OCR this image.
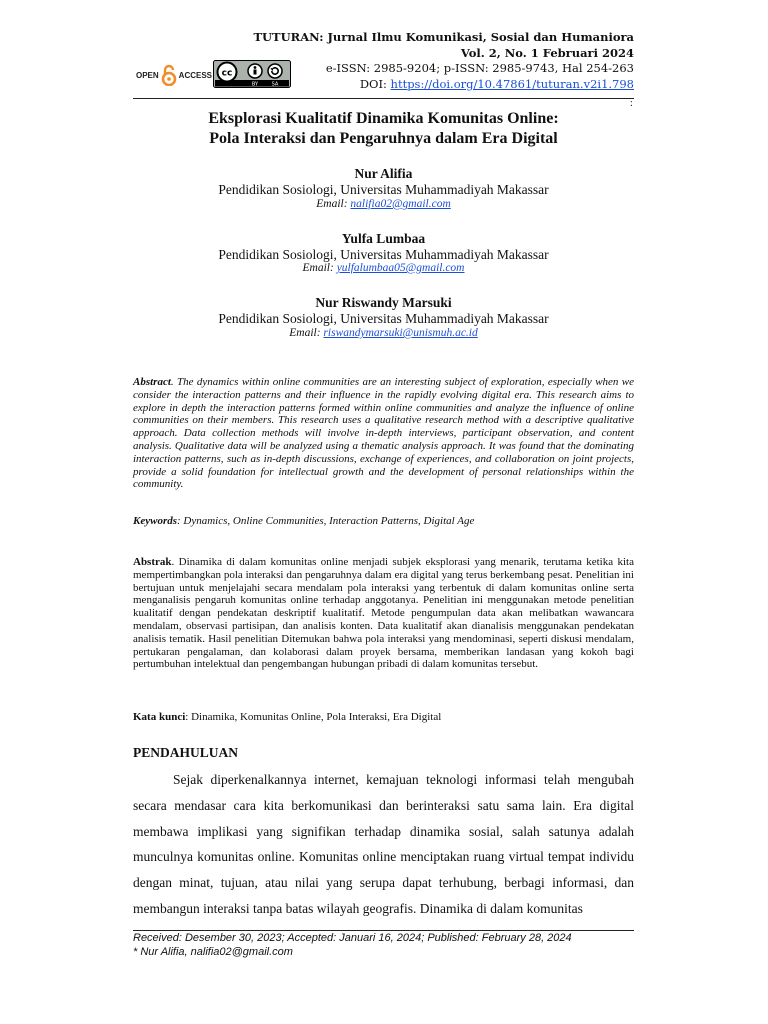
TUTURAN: Jurnal Ilmu Komunikasi, Sosial dan Humaniora
Vol. 2, No. 1 Februari 2024
e-ISSN: 2985-9204; p-ISSN: 2985-9743, Hal 254-263
DOI: https://doi.org/10.47861/tuturan.v2i1.798
OPEN	ACCESS cc
BY	SA
:
Eksplorasi Kualitatif Dinamika Komunitas Online:
Pola Interaksi dan Pengaruhnya dalam Era Digital
Nur Alifia
Pendidikan Sosiologi, Universitas Muhammadiyah Makassar
Email: nalifia02@gmail.com
Yulfa Lumbaa
Pendidikan Sosiologi, Universitas Muhammadiyah Makassar
Email: yulfalumbaa05@gmail.com
Nur Riswandy Marsuki
Pendidikan Sosiologi, Universitas Muhammadiyah Makassar
Email: riswandymarsuki@unismuh.ac.id
Abstract. The dynamics within online communities are an interesting subject of exploration, especially when we consider the interaction patterns and their influence in the rapidly evolving digital era. This research aims to explore in depth the interaction patterns formed within online communities and analyze the influence of online communities on their members. This research uses a qualitative research method with a descriptive qualitative approach. Data collection methods will involve in-depth interviews, participant observation, and content analysis. Qualitative data will be analyzed using a thematic analysis approach. It was found that the dominating interaction patterns, such as in-depth discussions, exchange of experiences, and collaboration on joint projects, provide a solid foundation for intellectual growth and the development of personal relationships within the community.
Keywords: Dynamics, Online Communities, Interaction Patterns, Digital Age
Abstrak. Dinamika di dalam komunitas online menjadi subjek eksplorasi yang menarik, terutama ketika kita mempertimbangkan pola interaksi dan pengaruhnya dalam era digital yang terus berkembang pesat. Penelitian ini bertujuan untuk menjelajahi secara mendalam pola interaksi yang terbentuk di dalam komunitas online serta menganalisis pengaruh komunitas online terhadap anggotanya. Penelitian ini menggunakan metode penelitian kualitatif dengan pendekatan deskriptif kualitatif. Metode pengumpulan data akan melibatkan wawancara mendalam, observasi partisipan, dan analisis konten. Data kualitatif akan dianalisis menggunakan pendekatan analisis tematik. Hasil penelitian Ditemukan bahwa pola interaksi yang mendominasi, seperti diskusi mendalam, pertukaran pengalaman, dan kolaborasi dalam proyek bersama, memberikan landasan yang kokoh bagi pertumbuhan intelektual dan pengembangan hubungan pribadi di dalam komunitas tersebut.
Kata kunci: Dinamika, Komunitas Online, Pola Interaksi, Era Digital
PENDAHULUAN
Sejak diperkenalkannya internet, kemajuan teknologi informasi telah mengubah secara mendasar cara kita berkomunikasi dan berinteraksi satu sama lain. Era digital membawa implikasi yang signifikan terhadap dinamika sosial, salah satunya adalah munculnya komunitas online. Komunitas online menciptakan ruang virtual tempat individu dengan minat, tujuan, atau nilai yang serupa dapat terhubung, berbagi informasi, dan membangun interaksi tanpa batas wilayah geografis. Dinamika di dalam komunitas
Received: Desember 30, 2023; Accepted: Januari 16, 2024; Published: February 28, 2024
* Nur Alifia, nalifia02@gmail.com
